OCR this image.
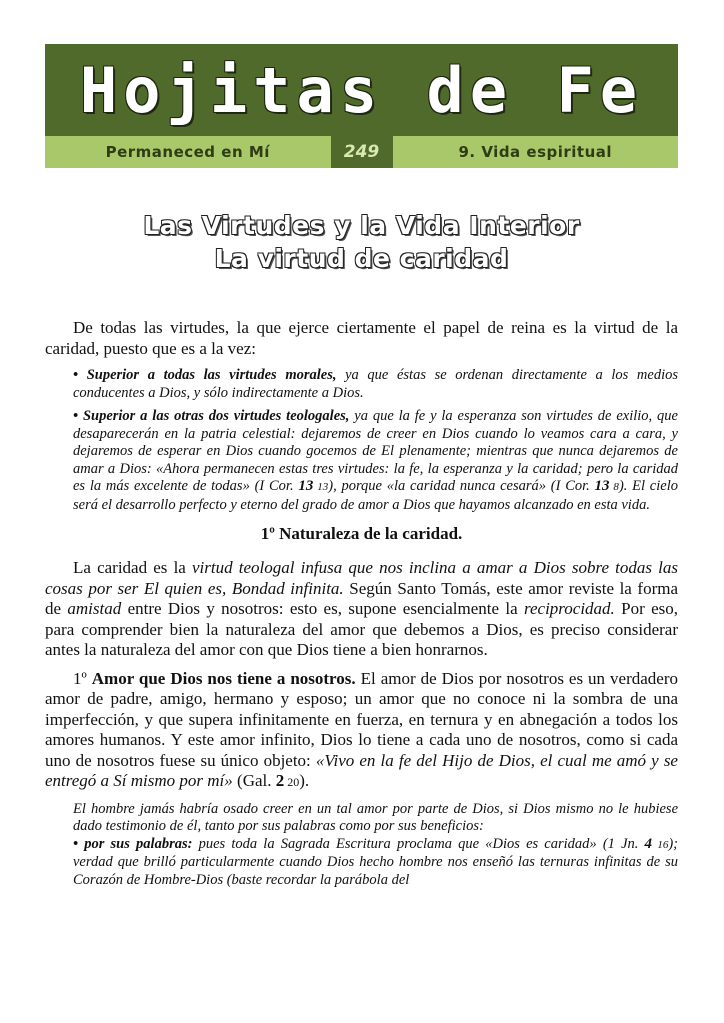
Hojitas de Fe
Permaneced en Mí	249	9. Vida espiritual
Las Virtudes y la Vida Interior
La virtud de caridad

De todas las virtudes, la que ejerce ciertamente el papel de reina es la virtud de la caridad, puesto que es a la vez:

• Superior a todas las virtudes morales, ya que éstas se ordenan directamente a los medios conducentes a Dios, y sólo indirectamente a Dios.

• Superior a las otras dos virtudes teologales, ya que la fe y la esperanza son virtudes de exilio, que desaparecerán en la patria celestial: dejaremos de creer en Dios cuando lo veamos cara a cara, y dejaremos de esperar en Dios cuando gocemos de El plenamente; mientras que nunca dejaremos de amar a Dios: «Ahora permanecen estas tres virtudes: la fe, la esperanza y la caridad; pero la caridad es la más excelente de todas» (I Cor. 13 13), porque «la caridad nunca cesará» (I Cor. 13 8). El cielo será el desarrollo perfecto y eterno del grado de amor a Dios que hayamos alcanzado en esta vida.

1º Naturaleza de la caridad.

La caridad es la virtud teologal infusa que nos inclina a amar a Dios sobre todas las cosas por ser El quien es, Bondad infinita. Según Santo Tomás, este amor reviste la forma de amistad entre Dios y nosotros: esto es, supone esencialmente la reciprocidad. Por eso, para comprender bien la naturaleza del amor que debemos a Dios, es preciso considerar antes la naturaleza del amor con que Dios tiene a bien honrarnos.

1º Amor que Dios nos tiene a nosotros. El amor de Dios por nosotros es un verdadero amor de padre, amigo, hermano y esposo; un amor que no conoce ni la sombra de una imperfección, y que supera infinitamente en fuerza, en ternura y en abnegación a todos los amores humanos. Y este amor infinito, Dios lo tiene a cada uno de nosotros, como si cada uno de nosotros fuese su único objeto: «Vivo en la fe del Hijo de Dios, el cual me amó y se entregó a Sí mismo por mí» (Gal. 2 20).

El hombre jamás habría osado creer en un tal amor por parte de Dios, si Dios mismo no le hubiese dado testimonio de él, tanto por sus palabras como por sus beneficios:
• por sus palabras: pues toda la Sagrada Escritura proclama que «Dios es caridad» (1 Jn. 4 16); verdad que brilló particularmente cuando Dios hecho hombre nos enseñó las ternuras infinitas de su Corazón de Hombre-Dios (baste recordar la parábola del
